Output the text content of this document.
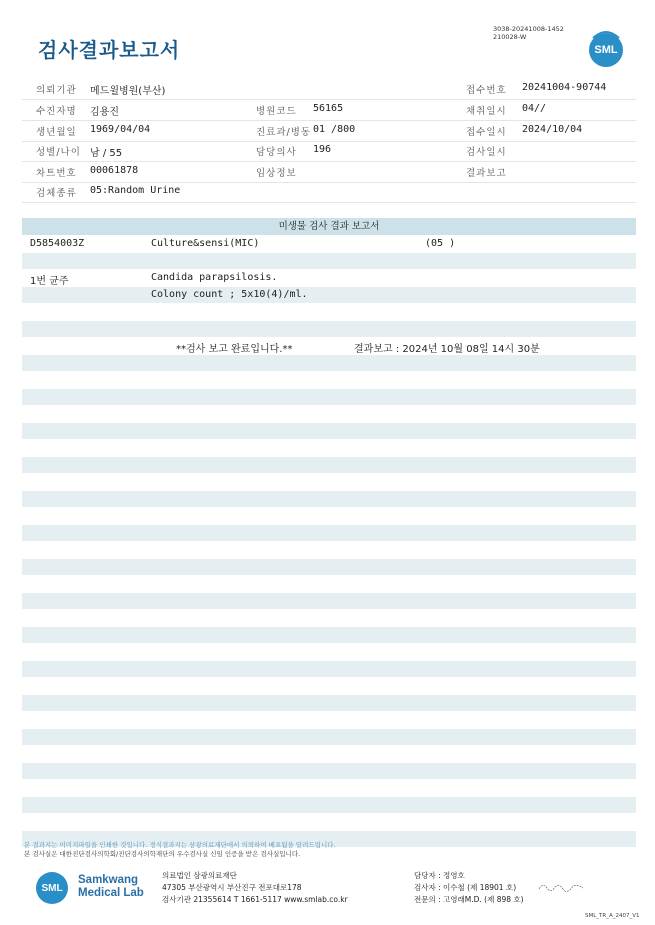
검사결과보고서
3038-20241008-1452
210028-W
SML
의뢰기관 메드윌병원(부산)	접수번호 20241004-90744
수진자명 김용진	병원코드 56165	채취일시 04//
생년월일 1969/04/04	진료과/병동 01 /800	접수일시 2024/10/04
성별/나이 남 / 55	담당의사 196	검사일시
차트번호 00061878	임상정보	결과보고
검체종류 05:Random Urine
미생물 검사 결과 보고서
D5854003Z	Culture&sensi(MIC)	(05 )
1번 균주	Candida parapsilosis.
Colony count ; 5x10(4)/ml.
**검사 보고 완료입니다.**	결과보고 : 2024년 10월 08일 14시 30분
본 결과지는 이미지파일을 인쇄한 것입니다. 정식결과지는 삼광의료재단에서 의뢰하여 배포됨을 알려드립니다.
본 검사실은 대한진단검사의학회/진단검사의학재단의 우수검사실 신임 인증을 받은 검사실입니다.
SML
Samkwang
Medical Lab
의료법인 삼광의료재단
47305 부산광역시 부산진구 전포대로178
검사기관 21355614 T 1661-5117 www.smlab.co.kr
담당자 : 정영호
검사자 : 이수철 (제 18901 호)
전문의 : 고영래M.D. (제 898 호)
SML_TR_A_2407_V1
